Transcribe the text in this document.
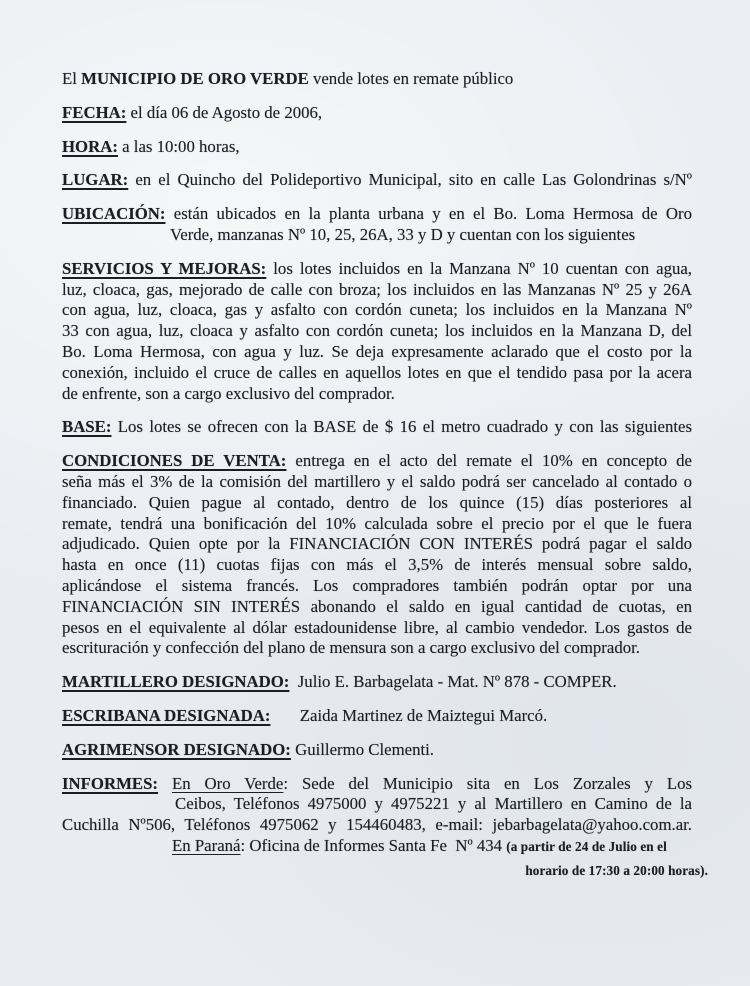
El MUNICIPIO DE ORO VERDE vende lotes en remate público
FECHA: el día 06 de Agosto de 2006,
HORA: a las 10:00 horas,
LUGAR: en el Quincho del Polideportivo Municipal, sito en calle Las Golondrinas s/Nº
UBICACIÓN: están ubicados en la planta urbana y en el Bo. Loma Hermosa de Oro
Verde, manzanas Nº 10, 25, 26A, 33 y D y cuentan con los siguientes
SERVICIOS Y MEJORAS: los lotes incluidos en la Manzana Nº 10 cuentan con agua,
luz, cloaca, gas, mejorado de calle con broza; los incluidos en las Manzanas Nº 25 y 26A
con agua, luz, cloaca, gas y asfalto con cordón cuneta; los incluidos en la Manzana Nº
33 con agua, luz, cloaca y asfalto con cordón cuneta; los incluidos en la Manzana D, del
Bo. Loma Hermosa, con agua y luz. Se deja expresamente aclarado que el costo por la
conexión, incluido el cruce de calles en aquellos lotes en que el tendido pasa por la acera
de enfrente, son a cargo exclusivo del comprador.
BASE: Los lotes se ofrecen con la BASE de $ 16 el metro cuadrado y con las siguientes
CONDICIONES DE VENTA: entrega en el acto del remate el 10% en concepto de
seña más el 3% de la comisión del martillero y el saldo podrá ser cancelado al contado o
financiado. Quien pague al contado, dentro de los quince (15) días posteriores al
remate, tendrá una bonificación del 10% calculada sobre el precio por el que le fuera
adjudicado. Quien opte por la FINANCIACIÓN CON INTERÉS podrá pagar el saldo
hasta en once (11) cuotas fijas con más el 3,5% de interés mensual sobre saldo,
aplicándose el sistema francés. Los compradores también podrán optar por una
FINANCIACIÓN SIN INTERÉS abonando el saldo en igual cantidad de cuotas, en
pesos en el equivalente al dólar estadounidense libre, al cambio vendedor. Los gastos de
escrituración y confección del plano de mensura son a cargo exclusivo del comprador.
MARTILLERO DESIGNADO:  Julio E. Barbagelata - Mat. Nº 878 - COMPER.
ESCRIBANA DESIGNADA:       Zaida Martinez de Maiztegui Marcó.
AGRIMENSOR DESIGNADO: Guillermo Clementi.
INFORMES: En Oro Verde: Sede del Municipio sita en Los Zorzales y Los
Ceibos, Teléfonos 4975000 y 4975221 y al Martillero en Camino de la
Cuchilla Nº506, Teléfonos 4975062 y 154460483, e-mail: jebarbagelata@yahoo.com.ar.
En Paraná: Oficina de Informes Santa Fe  Nº 434 (a partir de 24 de Julio en el
horario de 17:30 a 20:00 horas).
